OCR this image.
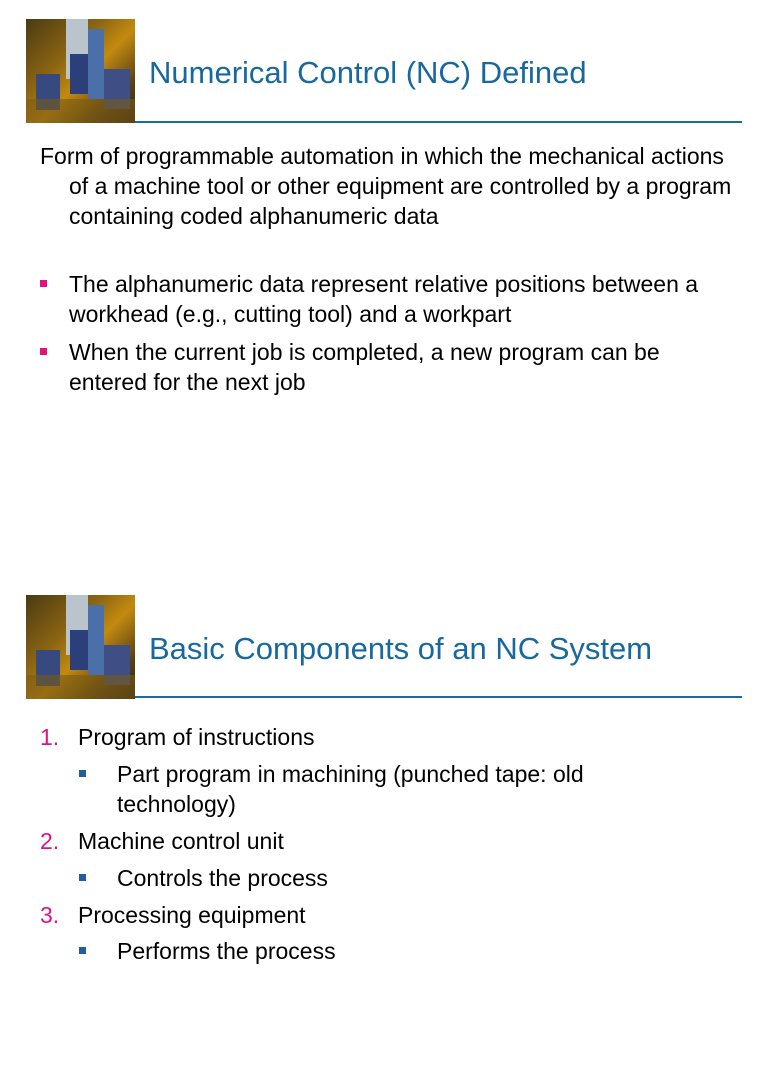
Numerical Control (NC) Defined
Form of programmable automation in which the mechanical actions of a machine tool or other equipment are controlled by a program containing coded alphanumeric data
The alphanumeric data represent relative positions between a workhead (e.g., cutting tool) and a workpart
When the current job is completed, a new program can be entered for the next job
Basic Components of an NC System
1. Program of instructions
Part program in machining (punched tape: old technology)
2. Machine control unit
Controls the process
3. Processing equipment
Performs the process
